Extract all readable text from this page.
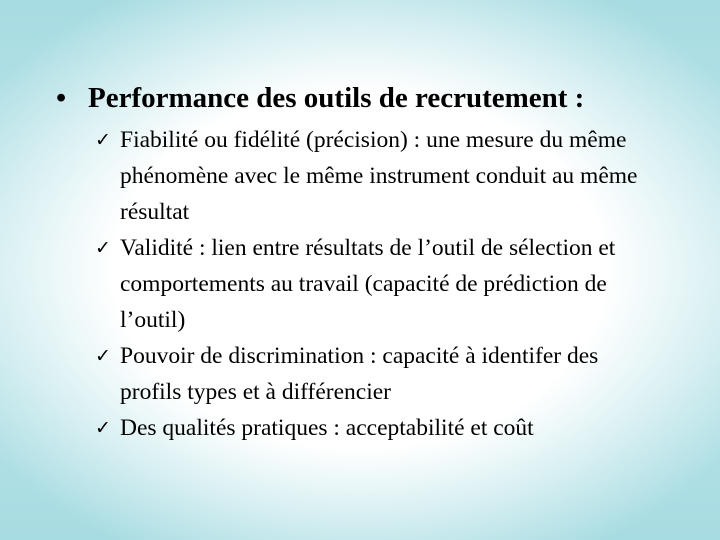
• Performance des outils de recrutement :
✓ Fiabilité ou fidélité (précision) : une mesure du même phénomène avec le même instrument conduit au même résultat
✓ Validité : lien entre résultats de l’outil de sélection et comportements au travail (capacité de prédiction de l’outil)
✓ Pouvoir de discrimination : capacité à identifer des profils types et à différencier
✓ Des qualités pratiques : acceptabilité et coût
